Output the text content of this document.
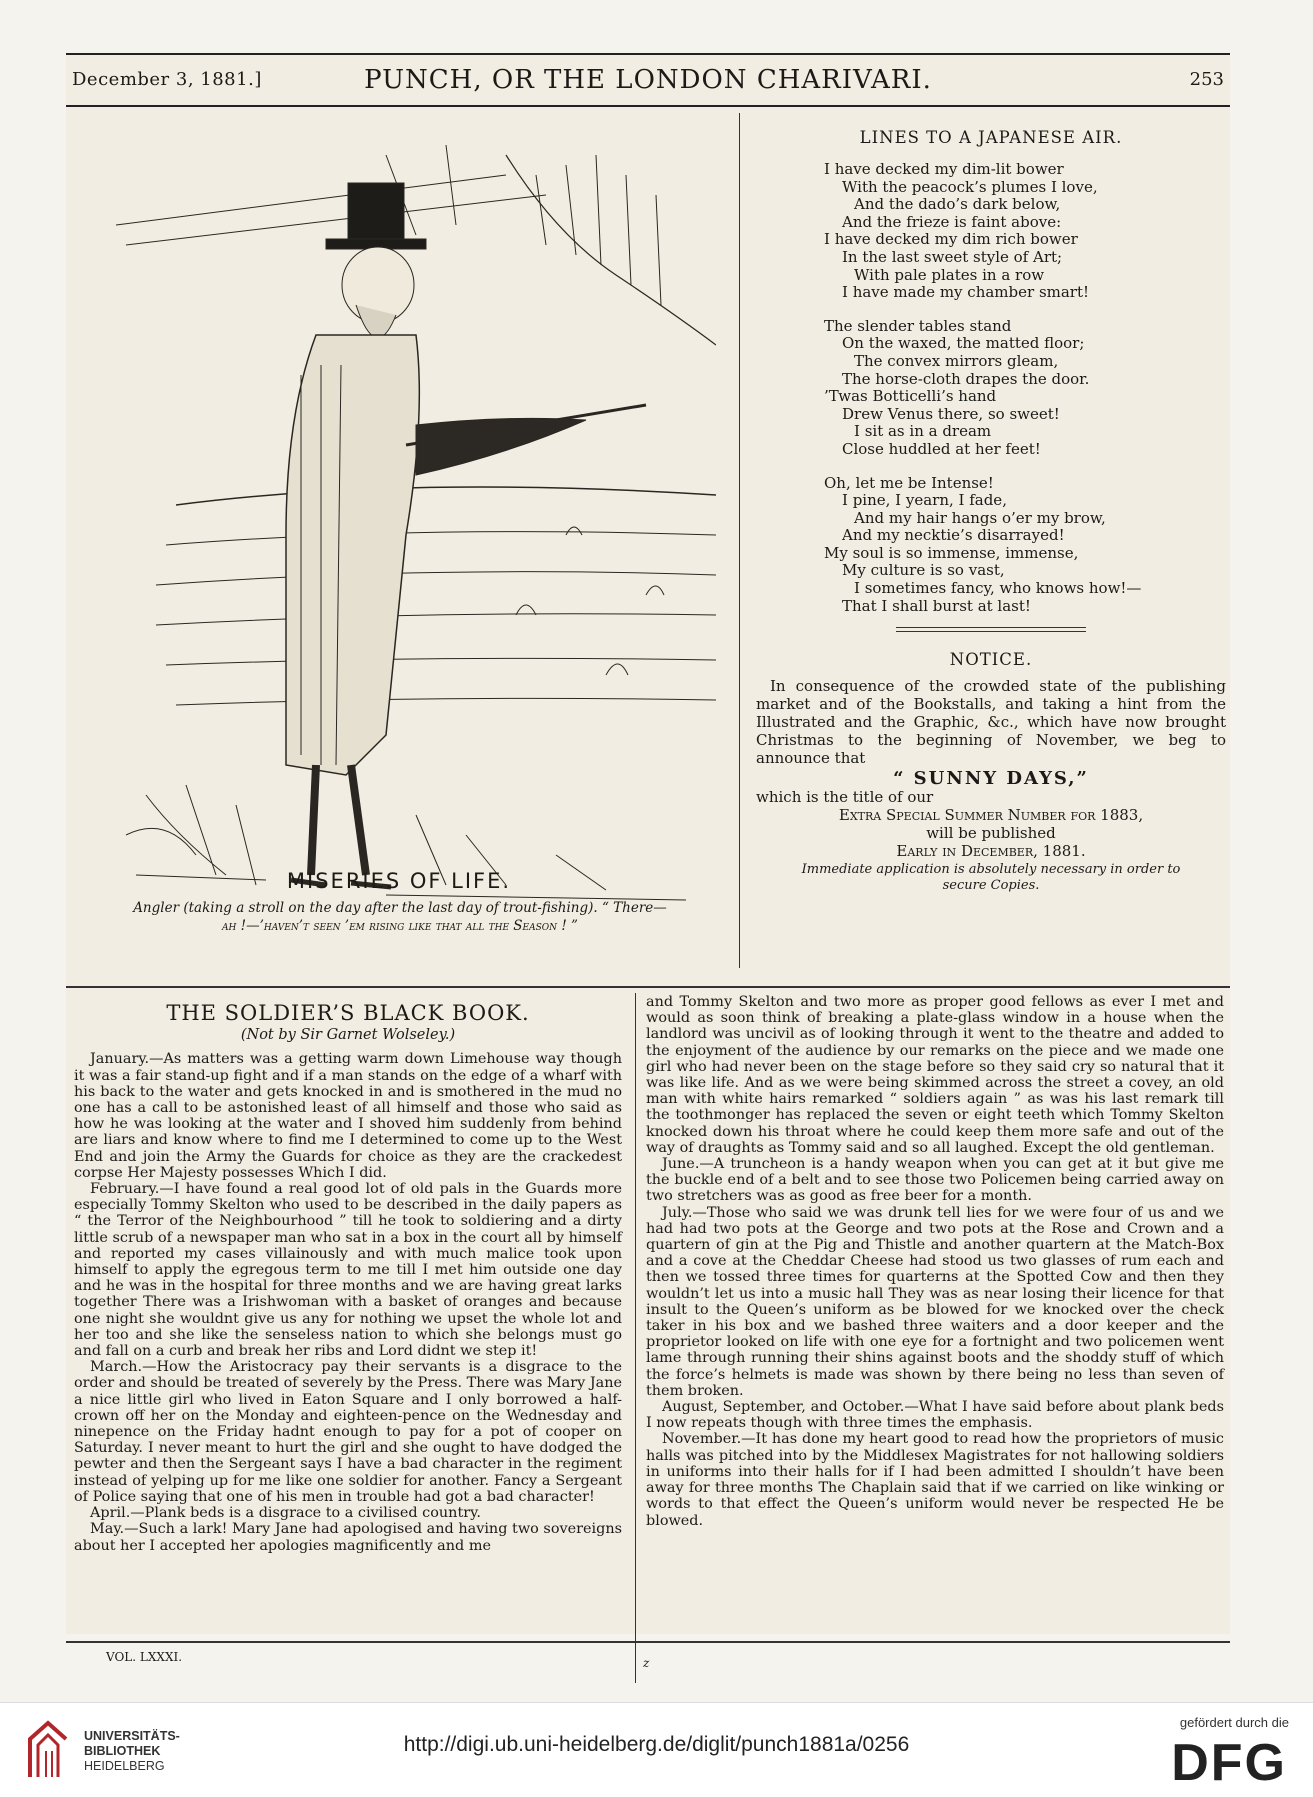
December 3, 1881.]	PUNCH, OR THE LONDON CHARIVARI.	253
MISERIES OF LIFE.
Angler (taking a stroll on the day after the last day of trout-fishing). “ There—
ah !—’haven’t seen ’em rising like that all the Season ! ”
LINES TO A JAPANESE AIR.
I have decked my dim-lit bower
With the peacock’s plumes I love,
And the dado’s dark below,
And the frieze is faint above:
I have decked my dim rich bower
In the last sweet style of Art;
With pale plates in a row
I have made my chamber smart!
The slender tables stand
On the waxed, the matted floor;
The convex mirrors gleam,
The horse-cloth drapes the door.
’Twas Botticelli’s hand
Drew Venus there, so sweet!
I sit as in a dream
Close huddled at her feet!
Oh, let me be Intense!
I pine, I yearn, I fade,
And my hair hangs o’er my brow,
And my necktie’s disarrayed!
My soul is so immense, immense,
My culture is so vast,
I sometimes fancy, who knows how!—
That I shall burst at last!
NOTICE.

In consequence of the crowded state of the publishing market and of the Bookstalls, and taking a hint from the Illustrated and the Graphic, &c., which have now brought Christmas to the beginning of November, we beg to announce that

“ SUNNY DAYS,”
which is the title of our
Extra Special Summer Number for 1883,
will be published
Early in December, 1881.
Immediate application is absolutely necessary in order to
secure Copies.
THE SOLDIER’S BLACK BOOK.
(Not by Sir Garnet Wolseley.)

January.—As matters was a getting warm down Limehouse way though it was a fair stand-up fight and if a man stands on the edge of a wharf with his back to the water and gets knocked in and is smothered in the mud no one has a call to be astonished least of all himself and those who said as how he was looking at the water and I shoved him suddenly from behind are liars and know where to find me I determined to come up to the West End and join the Army the Guards for choice as they are the crackedest corpse Her Majesty possesses Which I did.

February.—I have found a real good lot of old pals in the Guards more especially Tommy Skelton who used to be described in the daily papers as “ the Terror of the Neighbourhood ” till he took to soldiering and a dirty little scrub of a newspaper man who sat in a box in the court all by himself and reported my cases villainously and with much malice took upon himself to apply the egregous term to me till I met him outside one day and he was in the hospital for three months and we are having great larks together There was a Irishwoman with a basket of oranges and because one night she wouldnt give us any for nothing we upset the whole lot and her too and she like the senseless nation to which she belongs must go and fall on a curb and break her ribs and Lord didnt we step it!

March.—How the Aristocracy pay their servants is a disgrace to the order and should be treated of severely by the Press. There was Mary Jane a nice little girl who lived in Eaton Square and I only borrowed a half-crown off her on the Monday and eighteen-pence on the Wednesday and ninepence on the Friday hadnt enough to pay for a pot of cooper on Saturday. I never meant to hurt the girl and she ought to have dodged the pewter and then the Sergeant says I have a bad character in the regiment instead of yelping up for me like one soldier for another. Fancy a Sergeant of Police saying that one of his men in trouble had got a bad character!

April.—Plank beds is a disgrace to a civilised country.

May.—Such a lark! Mary Jane had apologised and having two sovereigns about her I accepted her apologies magnificently and me

and Tommy Skelton and two more as proper good fellows as ever I met and would as soon think of breaking a plate-glass window in a house when the landlord was uncivil as of looking through it went to the theatre and added to the enjoyment of the audience by our remarks on the piece and we made one girl who had never been on the stage before so they said cry so natural that it was like life. And as we were being skimmed across the street a covey, an old man with white hairs remarked “ soldiers again ” as was his last remark till the toothmonger has replaced the seven or eight teeth which Tommy Skelton knocked down his throat where he could keep them more safe and out of the way of draughts as Tommy said and so all laughed. Except the old gentleman.

June.—A truncheon is a handy weapon when you can get at it but give me the buckle end of a belt and to see those two Policemen being carried away on two stretchers was as good as free beer for a month.

July.—Those who said we was drunk tell lies for we were four of us and we had had two pots at the George and two pots at the Rose and Crown and a quartern of gin at the Pig and Thistle and another quartern at the Match-Box and a cove at the Cheddar Cheese had stood us two glasses of rum each and then we tossed three times for quarterns at the Spotted Cow and then they wouldn’t let us into a music hall They was as near losing their licence for that insult to the Queen’s uniform as be blowed for we knocked over the check taker in his box and we bashed three waiters and a door keeper and the proprietor looked on life with one eye for a fortnight and two policemen went lame through running their shins against boots and the shoddy stuff of which the force’s helmets is made was shown by there being no less than seven of them broken.

August, September, and October.—What I have said before about plank beds I now repeats though with three times the emphasis.

November.—It has done my heart good to read how the proprietors of music halls was pitched into by the Middlesex Magistrates for not hallowing soldiers in uniforms into their halls for if I had been admitted I shouldn’t have been away for three months The Chaplain said that if we carried on like winking or words to that effect the Queen’s uniform would never be respected He be blowed.

VOL. LXXXI.	z
UNIVERSITÄTS-
BIBLIOTHEK
HEIDELBERG
http://digi.ub.uni-heidelberg.de/diglit/punch1881a/0256
gefördert durch die
DFG
